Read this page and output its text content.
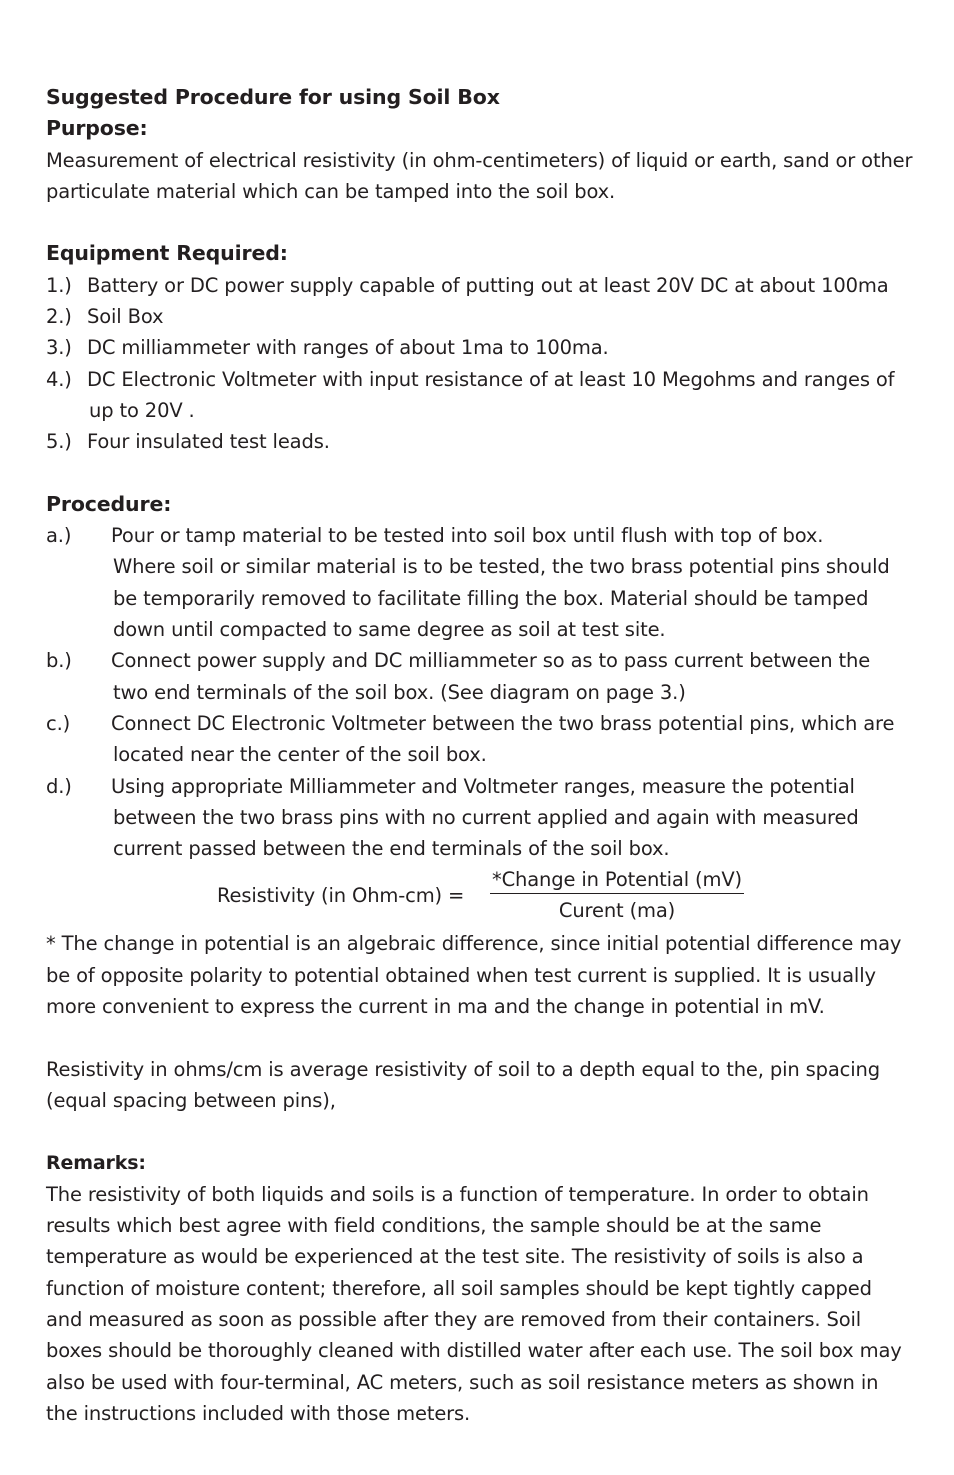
Suggested Procedure for using Soil Box
Purpose:
Measurement of electrical resistivity (in ohm-centimeters) of liquid or earth, sand or other
particulate material which can be tamped into the soil box.
Equipment Required:
1.) Battery or DC power supply capable of putting out at least 20V DC at about 100ma
2.) Soil Box
3.) DC milliammeter with ranges of about 1ma to 100ma.
4.) DC Electronic Voltmeter with input resistance of at least 10 Megohms and ranges of
up to 20V .
5.) Four insulated test leads.
Procedure:
a.)	Pour or tamp material to be tested into soil box until flush with top of box.
Where soil or similar material is to be tested, the two brass potential pins should
be temporarily removed to facilitate filling the box. Material should be tamped
down until compacted to same degree as soil at test site.
b.)	Connect power supply and DC milliammeter so as to pass current between the
two end terminals of the soil box. (See diagram on page 3.)
c.)	Connect DC Electronic Voltmeter between the two brass potential pins, which are
located near the center of the soil box.
d.)	Using appropriate Milliammeter and Voltmeter ranges, measure the potential
between the two brass pins with no current applied and again with measured
current passed between the end terminals of the soil box.
Resistivity (in Ohm-cm) =
*Change in Potential (mV)
Curent (ma)
* The change in potential is an algebraic difference, since initial potential difference may
be of opposite polarity to potential obtained when test current is supplied. It is usually
more convenient to express the current in ma and the change in potential in mV.
Resistivity in ohms/cm is average resistivity of soil to a depth equal to the, pin spacing
(equal spacing between pins),
Remarks:
The resistivity of both liquids and soils is a function of temperature. In order to obtain
results which best agree with field conditions, the sample should be at the same
temperature as would be experienced at the test site. The resistivity of soils is also a
function of moisture content; therefore, all soil samples should be kept tightly capped
and measured as soon as possible after they are removed from their containers. Soil
boxes should be thoroughly cleaned with distilled water after each use. The soil box may
also be used with four-terminal, AC meters, such as soil resistance meters as shown in
the instructions included with those meters.
